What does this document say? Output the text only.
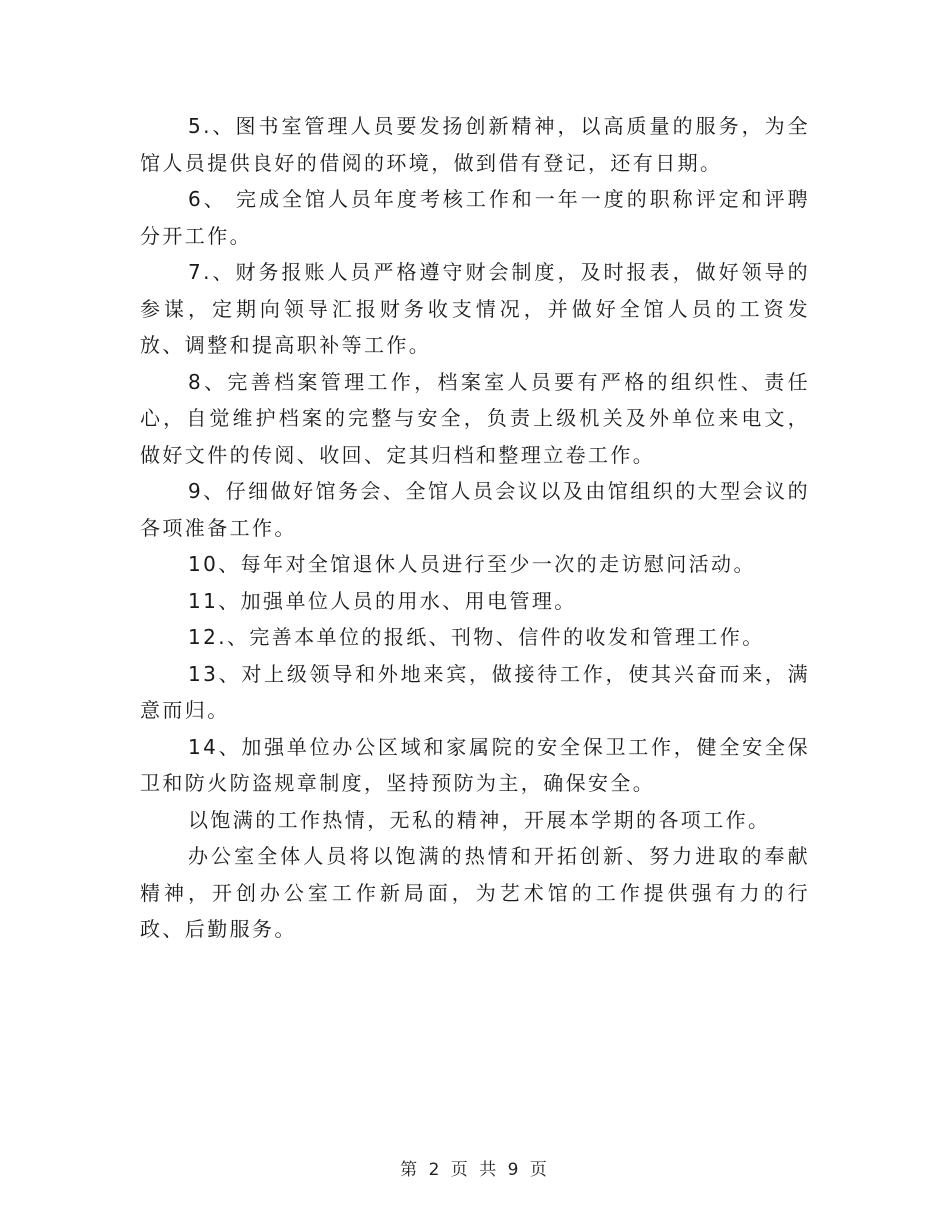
5.、图书室管理人员要发扬创新精神，以高质量的服务，为全馆人员提供良好的借阅的环境，做到借有登记，还有日期。

6、 完成全馆人员年度考核工作和一年一度的职称评定和评聘分开工作。

7.、财务报账人员严格遵守财会制度，及时报表，做好领导的参谋，定期向领导汇报财务收支情况，并做好全馆人员的工资发放、调整和提高职补等工作。

8、完善档案管理工作，档案室人员要有严格的组织性、责任心，自觉维护档案的完整与安全，负责上级机关及外单位来电文，做好文件的传阅、收回、定其归档和整理立卷工作。

9、仔细做好馆务会、全馆人员会议以及由馆组织的大型会议的各项准备工作。

10、每年对全馆退休人员进行至少一次的走访慰问活动。

11、加强单位人员的用水、用电管理。

12.、完善本单位的报纸、刊物、信件的收发和管理工作。

13、对上级领导和外地来宾，做接待工作，使其兴奋而来，满意而归。

14、加强单位办公区域和家属院的安全保卫工作，健全安全保卫和防火防盗规章制度，坚持预防为主，确保安全。

以饱满的工作热情，无私的精神，开展本学期的各项工作。

办公室全体人员将以饱满的热情和开拓创新、努力进取的奉献精神，开创办公室工作新局面，为艺术馆的工作提供强有力的行政、后勤服务。

第 2 页 共 9 页
